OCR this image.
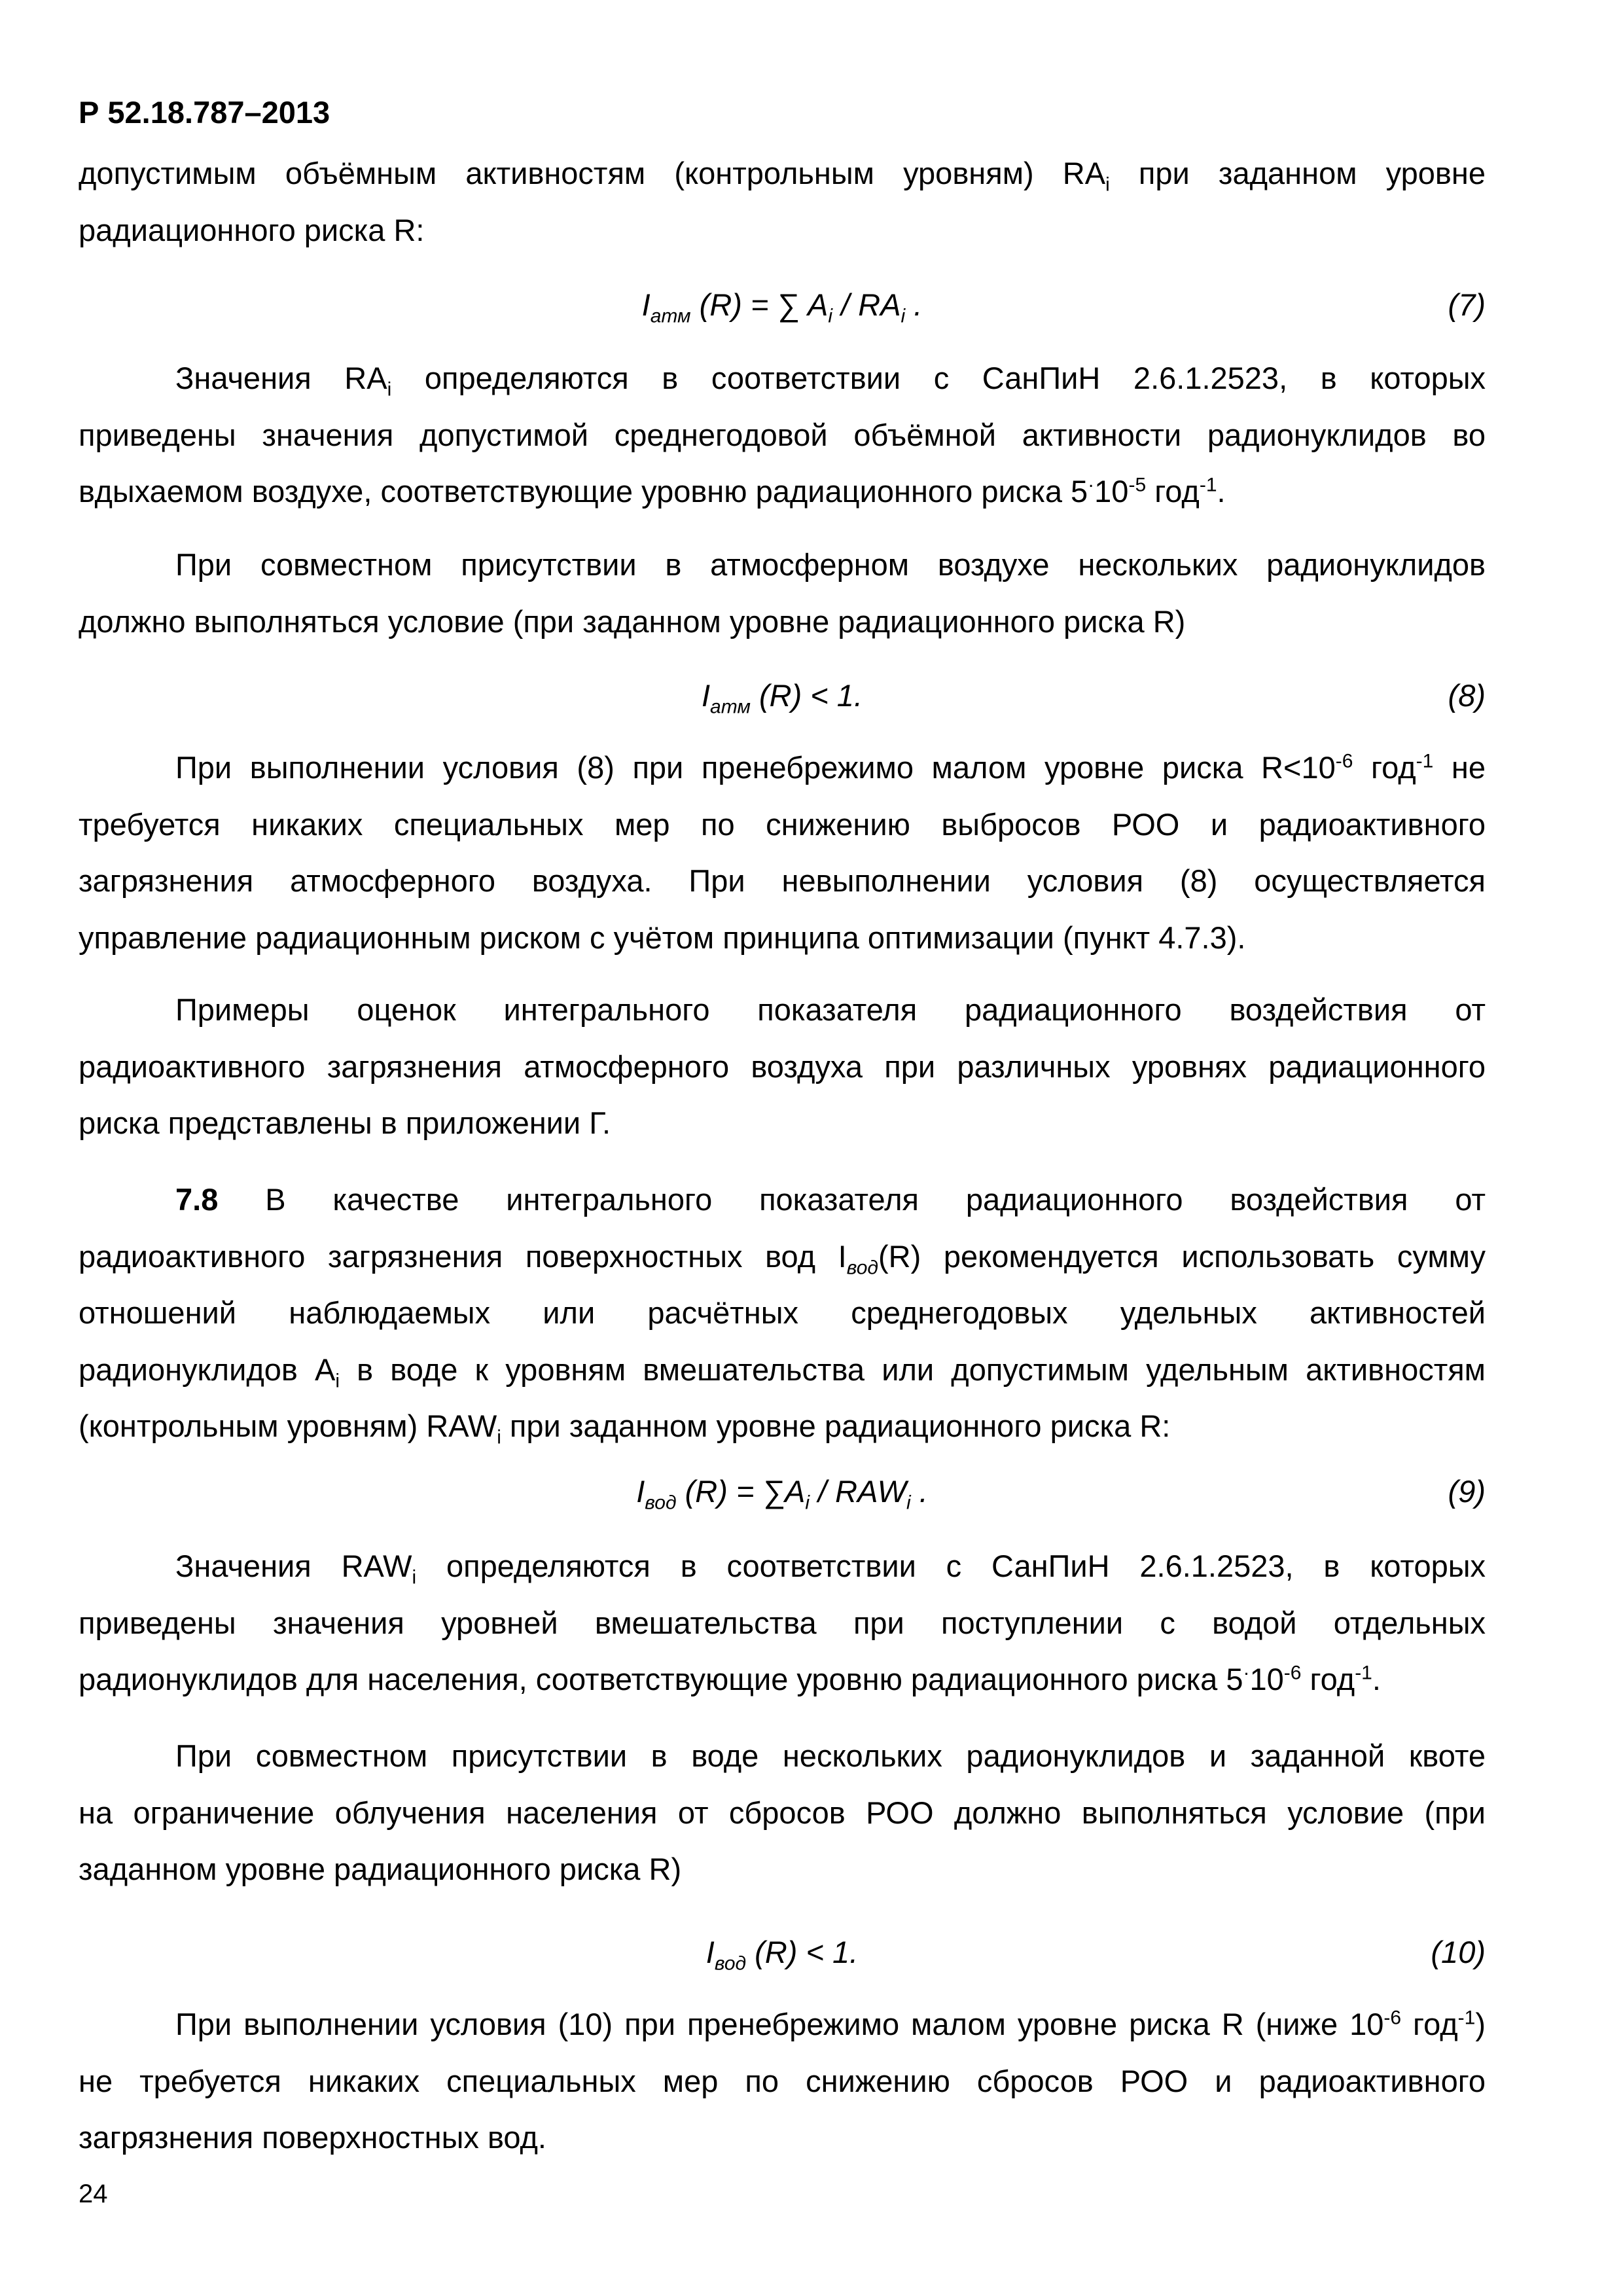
Р 52.18.787–2013
допустимым объёмным активностям (контрольным уровням) $RA_i$ при заданном уровне
радиационного риска R:
$I_{атм}$ (R) = ∑ $A_i / RA_i$ .	(7)
Значения $RA_i$ определяются в соответствии с СанПиН 2.6.1.2523, в которых
приведены значения допустимой среднегодовой объёмной активности радионуклидов во
вдыхаемом воздухе, соответствующие уровню радиационного риска $5^\cdot 10^{-5}$ год$^{-1}$.
При совместном присутствии в атмосферном воздухе нескольких радионуклидов
должно выполняться условие (при заданном уровне радиационного риска R)
$I_{атм}$ (R) < 1.	(8)
При выполнении условия (8) при пренебрежимо малом уровне риска $R<10^{-6}$ год$^{-1}$ не
требуется никаких специальных мер по снижению выбросов РОО и радиоактивного
загрязнения атмосферного воздуха. При невыполнении условия (8) осуществляется
управление радиационным риском с учётом принципа оптимизации (пункт 4.7.3).
Примеры оценок интегрального показателя радиационного воздействия от
радиоактивного загрязнения атмосферного воздуха при различных уровнях радиационного
риска представлены в приложении Г.
7.8 В качестве интегрального показателя радиационного воздействия от
радиоактивного загрязнения поверхностных вод $I_{вод}(R)$ рекомендуется использовать сумму
отношений наблюдаемых или расчётных среднегодовых удельных активностей
радионуклидов $A_i$ в воде к уровням вмешательства или допустимым удельным активностям
(контрольным уровням) $RAW_i$ при заданном уровне радиационного риска R:
$I_{вод}$ $(R) = \sum A_i / RAW_i$ .	(9)
Значения $RAW_i$ определяются в соответствии с СанПиН 2.6.1.2523, в которых
приведены значения уровней вмешательства при поступлении с водой отдельных
радионуклидов для населения, соответствующие уровню радиационного риска $5^\cdot 10^{-6}$ год$^{-1}$.
При совместном присутствии в воде нескольких радионуклидов и заданной квоте
на ограничение облучения населения от сбросов РОО должно выполняться условие (при
заданном уровне радиационного риска R)
$I_{вод}$ (R) < 1.	(10)
При выполнении условия (10) при пренебрежимо малом уровне риска R (ниже $10^{-6}$ год$^{-1}$)
не требуется никаких специальных мер по снижению сбросов РОО и радиоактивного
загрязнения поверхностных вод.
24
